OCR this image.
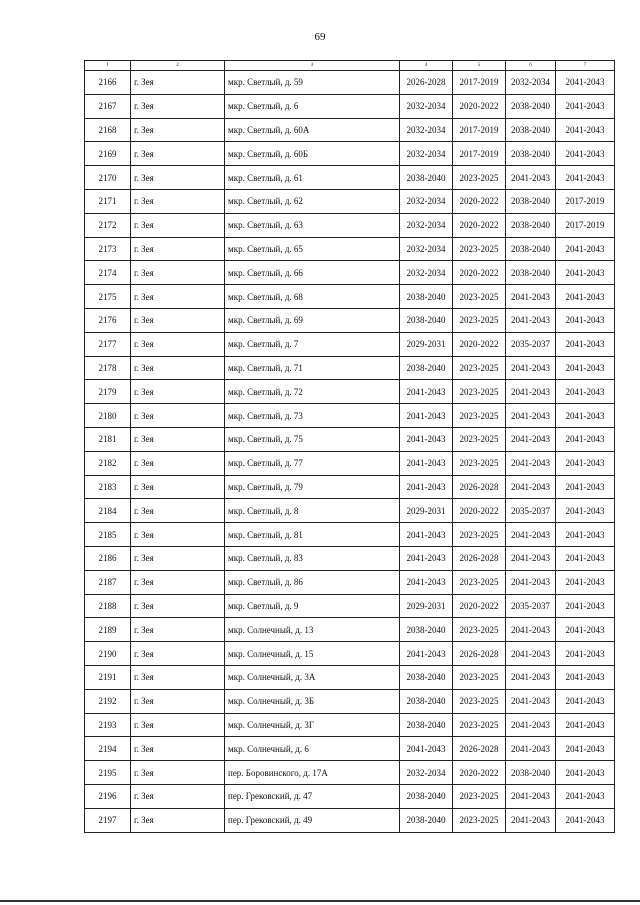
69
1	2	3	4	5	6	7
2166	г. Зея	мкр. Светлый, д. 59	2026-2028	2017-2019	2032-2034	2041-2043
2167	г. Зея	мкр. Светлый, д. 6	2032-2034	2020-2022	2038-2040	2041-2043
2168	г. Зея	мкр. Светлый, д. 60А	2032-2034	2017-2019	2038-2040	2041-2043
2169	г. Зея	мкр. Светлый, д. 60Б	2032-2034	2017-2019	2038-2040	2041-2043
2170	г. Зея	мкр. Светлый, д. 61	2038-2040	2023-2025	2041-2043	2041-2043
2171	г. Зея	мкр. Светлый, д. 62	2032-2034	2020-2022	2038-2040	2017-2019
2172	г. Зея	мкр. Светлый, д. 63	2032-2034	2020-2022	2038-2040	2017-2019
2173	г. Зея	мкр. Светлый, д. 65	2032-2034	2023-2025	2038-2040	2041-2043
2174	г. Зея	мкр. Светлый, д. 66	2032-2034	2020-2022	2038-2040	2041-2043
2175	г. Зея	мкр. Светлый, д. 68	2038-2040	2023-2025	2041-2043	2041-2043
2176	г. Зея	мкр. Светлый, д. 69	2038-2040	2023-2025	2041-2043	2041-2043
2177	г. Зея	мкр. Светлый, д. 7	2029-2031	2020-2022	2035-2037	2041-2043
2178	г. Зея	мкр. Светлый, д. 71	2038-2040	2023-2025	2041-2043	2041-2043
2179	г. Зея	мкр. Светлый, д. 72	2041-2043	2023-2025	2041-2043	2041-2043
2180	г. Зея	мкр. Светлый, д. 73	2041-2043	2023-2025	2041-2043	2041-2043
2181	г. Зея	мкр. Светлый, д. 75	2041-2043	2023-2025	2041-2043	2041-2043
2182	г. Зея	мкр. Светлый, д. 77	2041-2043	2023-2025	2041-2043	2041-2043
2183	г. Зея	мкр. Светлый, д. 79	2041-2043	2026-2028	2041-2043	2041-2043
2184	г. Зея	мкр. Светлый, д. 8	2029-2031	2020-2022	2035-2037	2041-2043
2185	г. Зея	мкр. Светлый, д. 81	2041-2043	2023-2025	2041-2043	2041-2043
2186	г. Зея	мкр. Светлый, д. 83	2041-2043	2026-2028	2041-2043	2041-2043
2187	г. Зея	мкр. Светлый, д. 86	2041-2043	2023-2025	2041-2043	2041-2043
2188	г. Зея	мкр. Светлый, д. 9	2029-2031	2020-2022	2035-2037	2041-2043
2189	г. Зея	мкр. Солнечный, д. 13	2038-2040	2023-2025	2041-2043	2041-2043
2190	г. Зея	мкр. Солнечный, д. 15	2041-2043	2026-2028	2041-2043	2041-2043
2191	г. Зея	мкр. Солнечный, д. 3А	2038-2040	2023-2025	2041-2043	2041-2043
2192	г. Зея	мкр. Солнечный, д. 3Б	2038-2040	2023-2025	2041-2043	2041-2043
2193	г. Зея	мкр. Солнечный, д. 3Г	2038-2040	2023-2025	2041-2043	2041-2043
2194	г. Зея	мкр. Солнечный, д. 6	2041-2043	2026-2028	2041-2043	2041-2043
2195	г. Зея	пер. Боровинского, д. 17А	2032-2034	2020-2022	2038-2040	2041-2043
2196	г. Зея	пер. Грековский, д. 47	2038-2040	2023-2025	2041-2043	2041-2043
2197	г. Зея	пер. Грековский, д. 49	2038-2040	2023-2025	2041-2043	2041-2043
